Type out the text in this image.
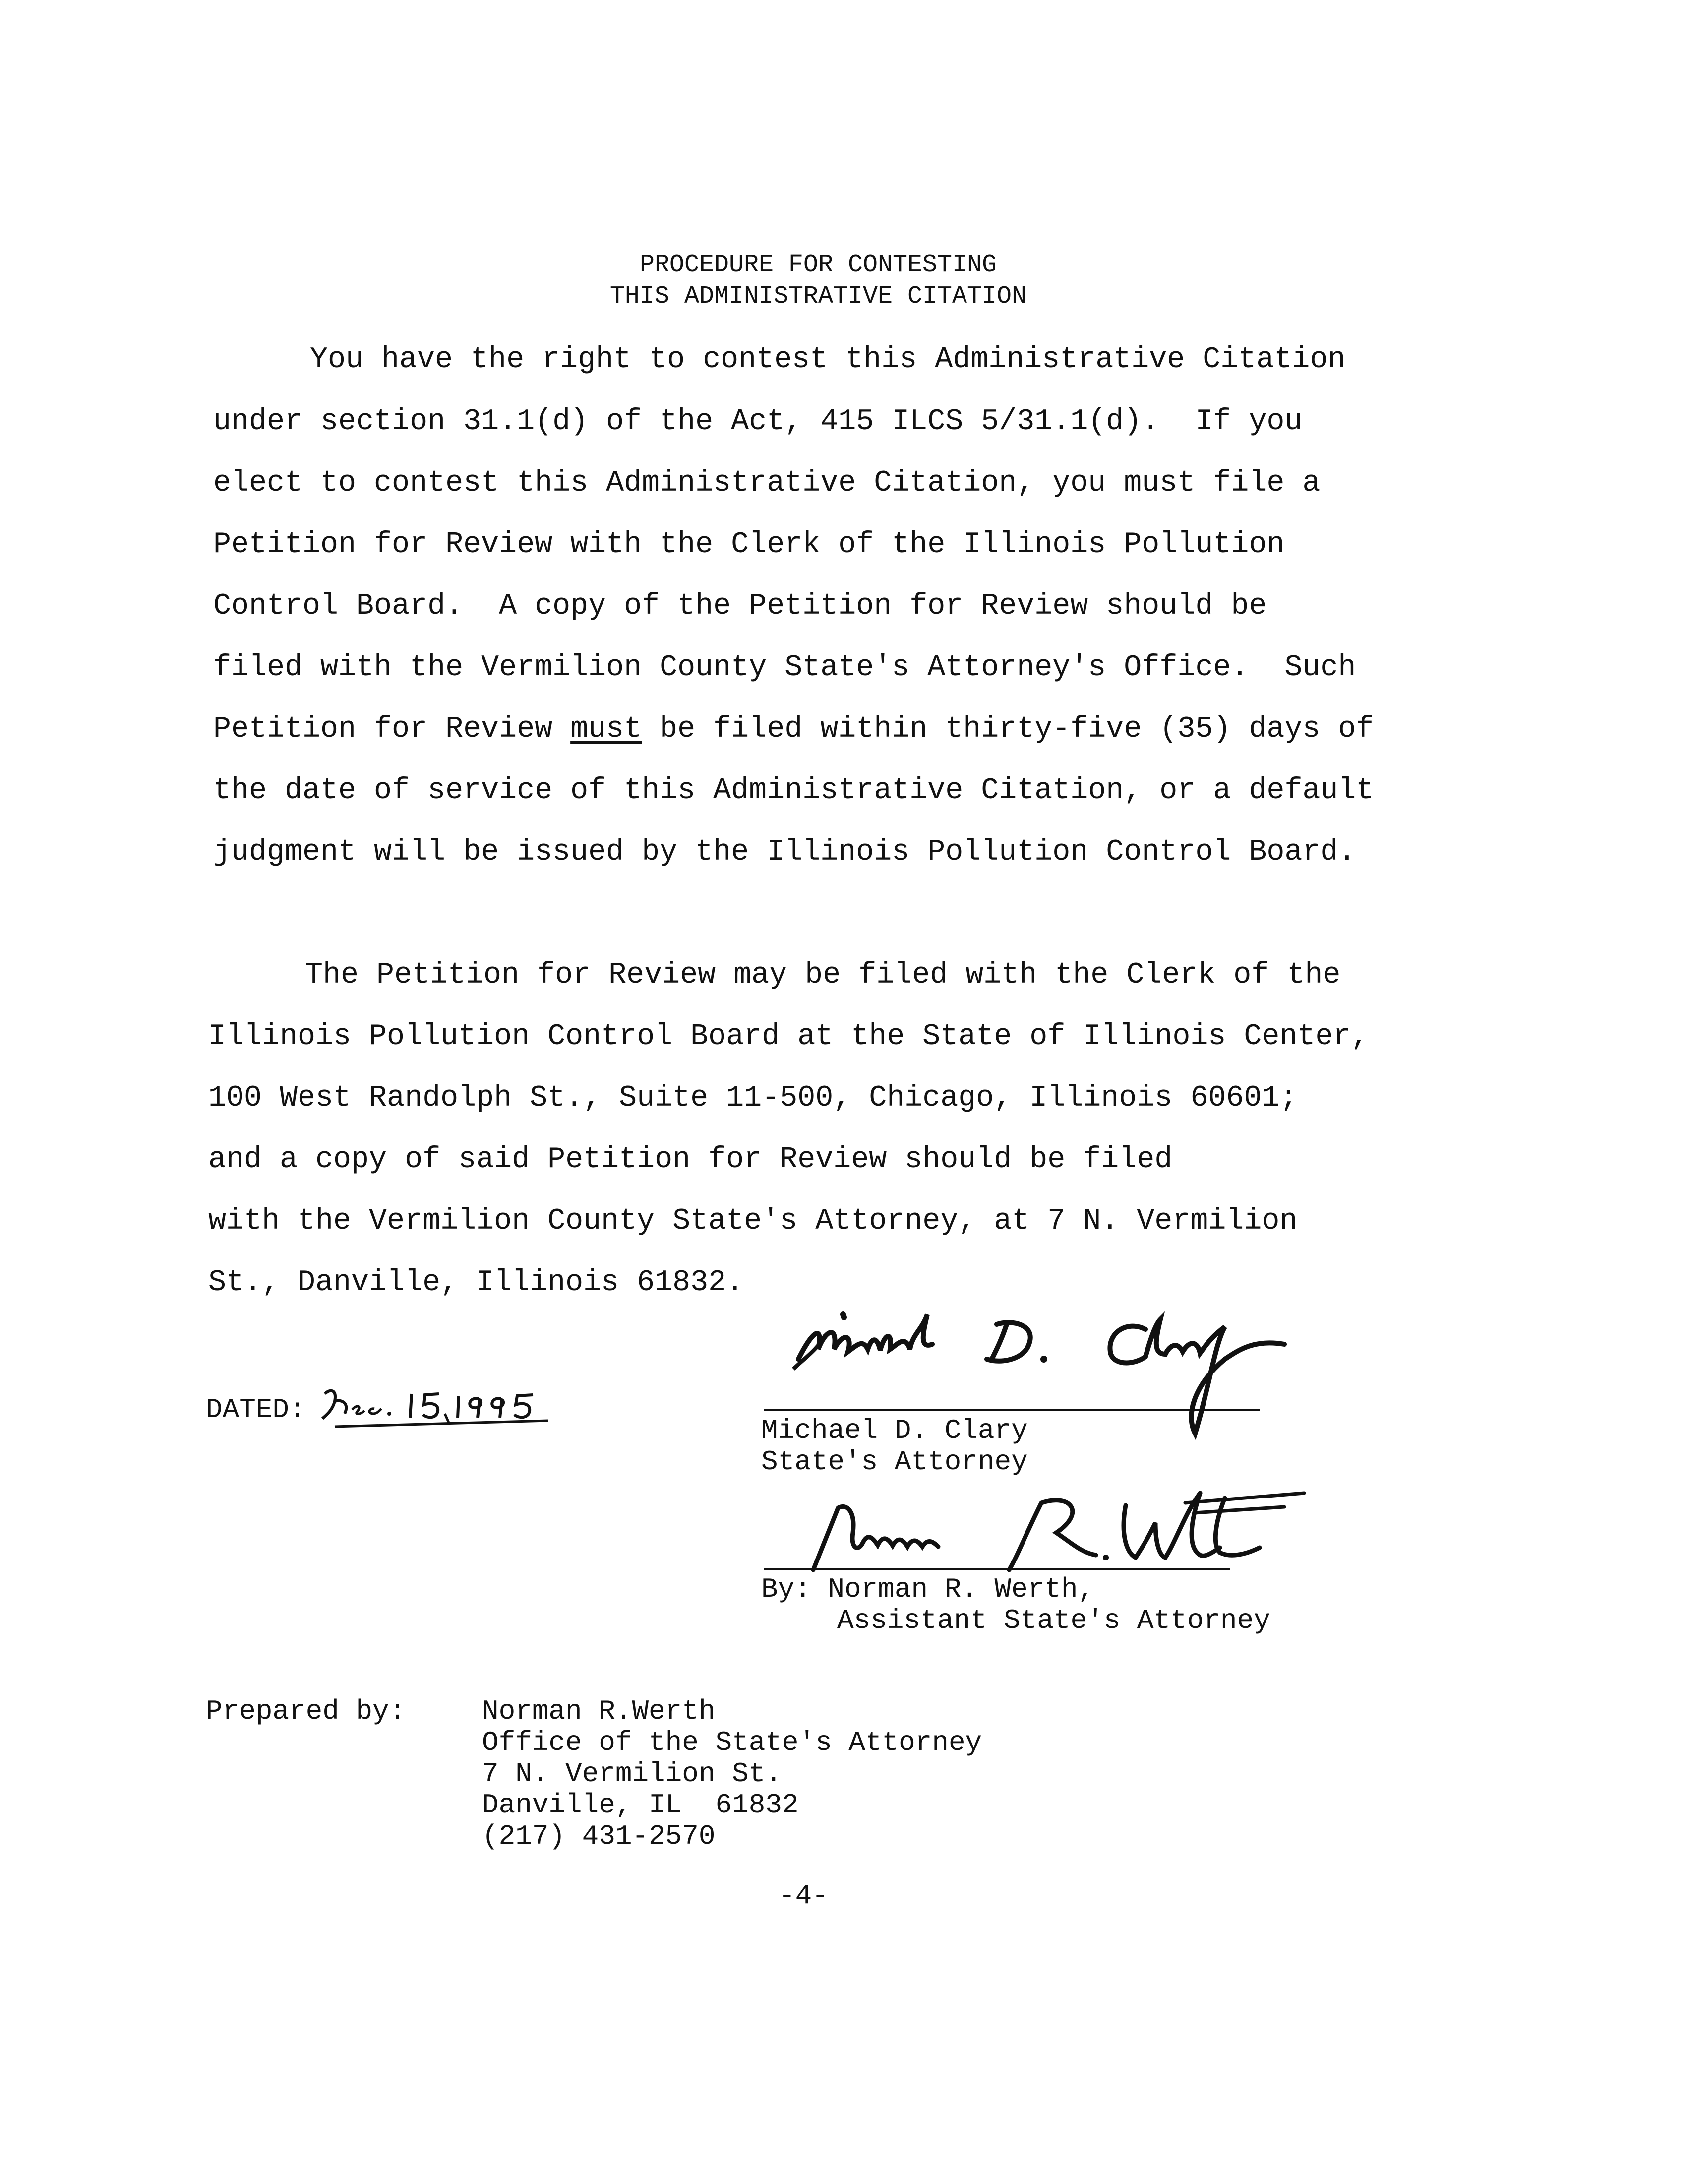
PROCEDURE FOR CONTESTING
THIS ADMINISTRATIVE CITATION
You have the right to contest this Administrative Citation
under section 31.1(d) of the Act, 415 ILCS 5/31.1(d).  If you
elect to contest this Administrative Citation, you must file a
Petition for Review with the Clerk of the Illinois Pollution
Control Board.  A copy of the Petition for Review should be
filed with the Vermilion County State's Attorney's Office.  Such
Petition for Review must be filed within thirty-five (35) days of
the date of service of this Administrative Citation, or a default
judgment will be issued by the Illinois Pollution Control Board.
The Petition for Review may be filed with the Clerk of the
Illinois Pollution Control Board at the State of Illinois Center,
100 West Randolph St., Suite 11-500, Chicago, Illinois 60601;
and a copy of said Petition for Review should be filed
with the Vermilion County State's Attorney, at 7 N. Vermilion
St., Danville, Illinois 61832.
DATED:
Michael D. Clary
State's Attorney
By: Norman R. Werth,
Assistant State's Attorney
Prepared by:	Norman R.Werth
Office of the State's Attorney
7 N. Vermilion St.
Danville, IL  61832
(217) 431-2570
-4-
